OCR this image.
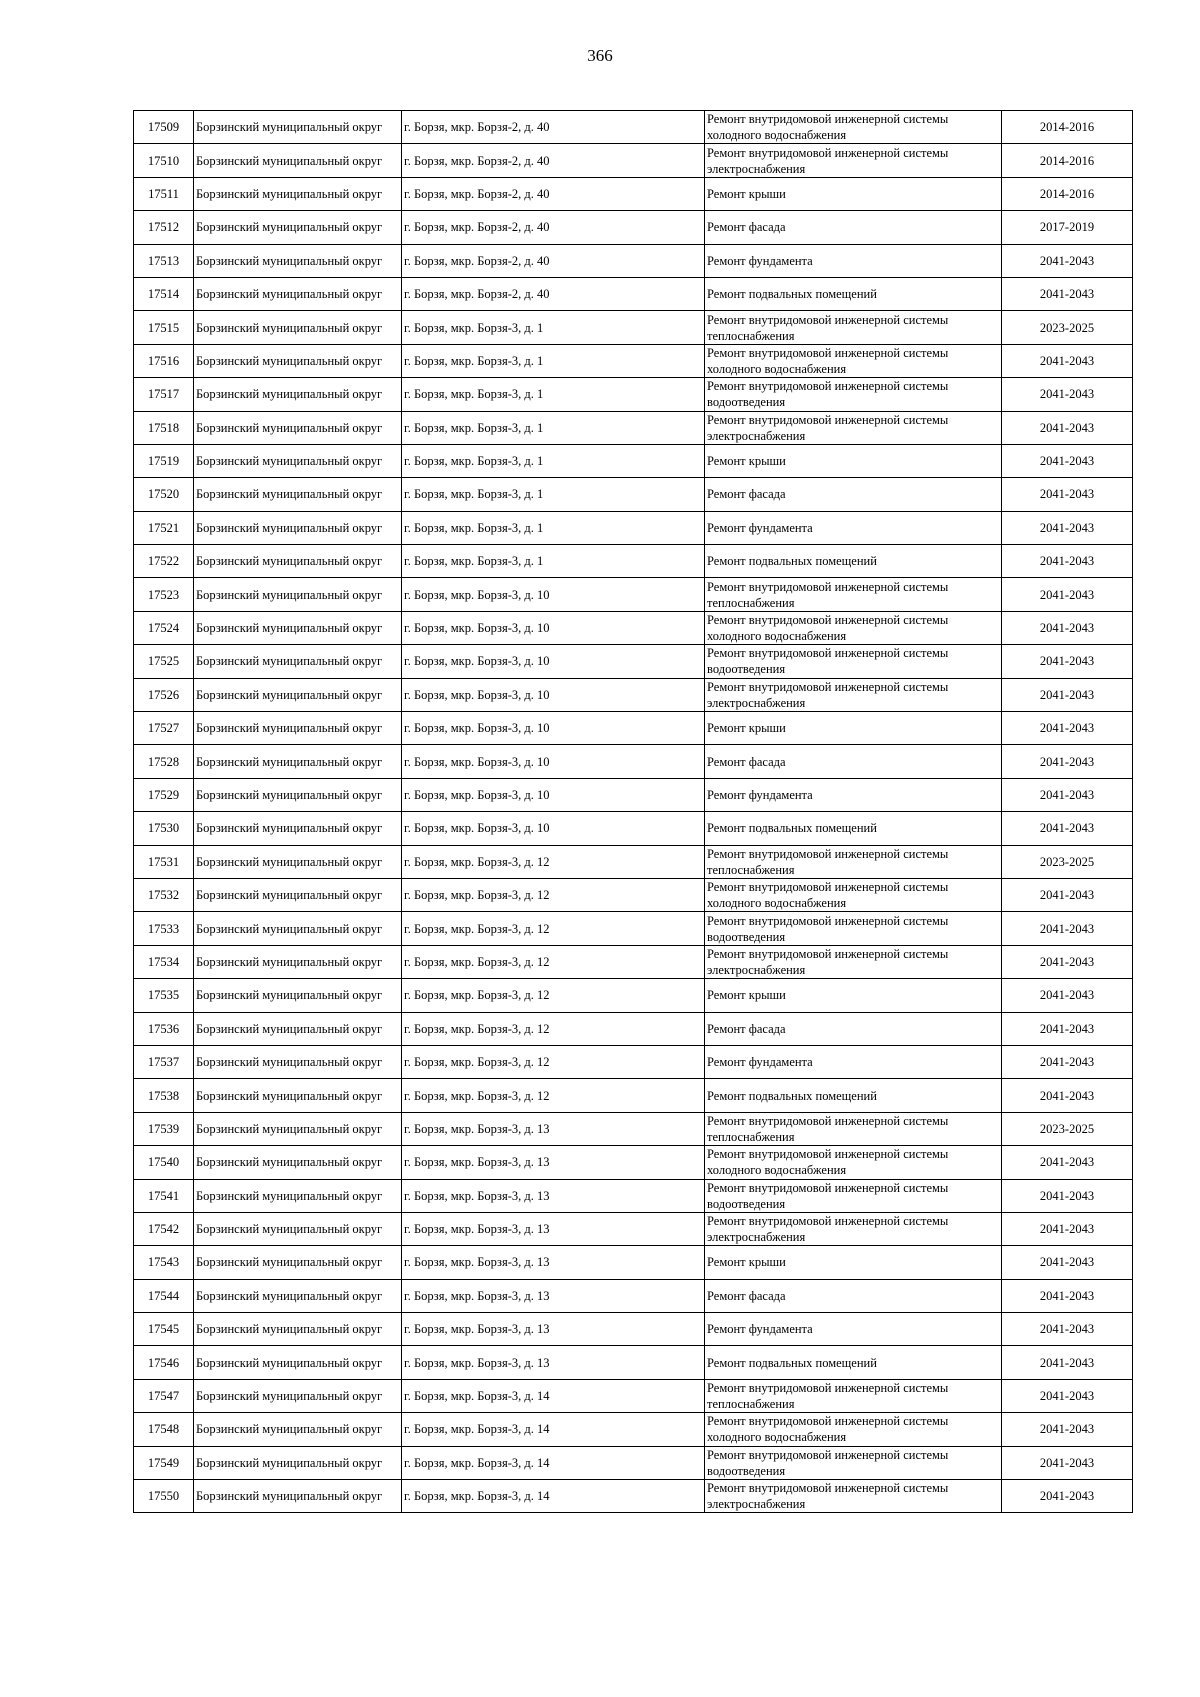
366
17509	Борзинский муниципальный округ	г. Борзя, мкр. Борзя-2, д. 40	Ремонт внутридомовой инженерной системы холодного водоснабжения	2014-2016
17510	Борзинский муниципальный округ	г. Борзя, мкр. Борзя-2, д. 40	Ремонт внутридомовой инженерной системы электроснабжения	2014-2016
17511	Борзинский муниципальный округ	г. Борзя, мкр. Борзя-2, д. 40	Ремонт крыши	2014-2016
17512	Борзинский муниципальный округ	г. Борзя, мкр. Борзя-2, д. 40	Ремонт фасада	2017-2019
17513	Борзинский муниципальный округ	г. Борзя, мкр. Борзя-2, д. 40	Ремонт фундамента	2041-2043
17514	Борзинский муниципальный округ	г. Борзя, мкр. Борзя-2, д. 40	Ремонт подвальных помещений	2041-2043
17515	Борзинский муниципальный округ	г. Борзя, мкр. Борзя-3, д. 1	Ремонт внутридомовой инженерной системы теплоснабжения	2023-2025
17516	Борзинский муниципальный округ	г. Борзя, мкр. Борзя-3, д. 1	Ремонт внутридомовой инженерной системы холодного водоснабжения	2041-2043
17517	Борзинский муниципальный округ	г. Борзя, мкр. Борзя-3, д. 1	Ремонт внутридомовой инженерной системы водоотведения	2041-2043
17518	Борзинский муниципальный округ	г. Борзя, мкр. Борзя-3, д. 1	Ремонт внутридомовой инженерной системы электроснабжения	2041-2043
17519	Борзинский муниципальный округ	г. Борзя, мкр. Борзя-3, д. 1	Ремонт крыши	2041-2043
17520	Борзинский муниципальный округ	г. Борзя, мкр. Борзя-3, д. 1	Ремонт фасада	2041-2043
17521	Борзинский муниципальный округ	г. Борзя, мкр. Борзя-3, д. 1	Ремонт фундамента	2041-2043
17522	Борзинский муниципальный округ	г. Борзя, мкр. Борзя-3, д. 1	Ремонт подвальных помещений	2041-2043
17523	Борзинский муниципальный округ	г. Борзя, мкр. Борзя-3, д. 10	Ремонт внутридомовой инженерной системы теплоснабжения	2041-2043
17524	Борзинский муниципальный округ	г. Борзя, мкр. Борзя-3, д. 10	Ремонт внутридомовой инженерной системы холодного водоснабжения	2041-2043
17525	Борзинский муниципальный округ	г. Борзя, мкр. Борзя-3, д. 10	Ремонт внутридомовой инженерной системы водоотведения	2041-2043
17526	Борзинский муниципальный округ	г. Борзя, мкр. Борзя-3, д. 10	Ремонт внутридомовой инженерной системы электроснабжения	2041-2043
17527	Борзинский муниципальный округ	г. Борзя, мкр. Борзя-3, д. 10	Ремонт крыши	2041-2043
17528	Борзинский муниципальный округ	г. Борзя, мкр. Борзя-3, д. 10	Ремонт фасада	2041-2043
17529	Борзинский муниципальный округ	г. Борзя, мкр. Борзя-3, д. 10	Ремонт фундамента	2041-2043
17530	Борзинский муниципальный округ	г. Борзя, мкр. Борзя-3, д. 10	Ремонт подвальных помещений	2041-2043
17531	Борзинский муниципальный округ	г. Борзя, мкр. Борзя-3, д. 12	Ремонт внутридомовой инженерной системы теплоснабжения	2023-2025
17532	Борзинский муниципальный округ	г. Борзя, мкр. Борзя-3, д. 12	Ремонт внутридомовой инженерной системы холодного водоснабжения	2041-2043
17533	Борзинский муниципальный округ	г. Борзя, мкр. Борзя-3, д. 12	Ремонт внутридомовой инженерной системы водоотведения	2041-2043
17534	Борзинский муниципальный округ	г. Борзя, мкр. Борзя-3, д. 12	Ремонт внутридомовой инженерной системы электроснабжения	2041-2043
17535	Борзинский муниципальный округ	г. Борзя, мкр. Борзя-3, д. 12	Ремонт крыши	2041-2043
17536	Борзинский муниципальный округ	г. Борзя, мкр. Борзя-3, д. 12	Ремонт фасада	2041-2043
17537	Борзинский муниципальный округ	г. Борзя, мкр. Борзя-3, д. 12	Ремонт фундамента	2041-2043
17538	Борзинский муниципальный округ	г. Борзя, мкр. Борзя-3, д. 12	Ремонт подвальных помещений	2041-2043
17539	Борзинский муниципальный округ	г. Борзя, мкр. Борзя-3, д. 13	Ремонт внутридомовой инженерной системы теплоснабжения	2023-2025
17540	Борзинский муниципальный округ	г. Борзя, мкр. Борзя-3, д. 13	Ремонт внутридомовой инженерной системы холодного водоснабжения	2041-2043
17541	Борзинский муниципальный округ	г. Борзя, мкр. Борзя-3, д. 13	Ремонт внутридомовой инженерной системы водоотведения	2041-2043
17542	Борзинский муниципальный округ	г. Борзя, мкр. Борзя-3, д. 13	Ремонт внутридомовой инженерной системы электроснабжения	2041-2043
17543	Борзинский муниципальный округ	г. Борзя, мкр. Борзя-3, д. 13	Ремонт крыши	2041-2043
17544	Борзинский муниципальный округ	г. Борзя, мкр. Борзя-3, д. 13	Ремонт фасада	2041-2043
17545	Борзинский муниципальный округ	г. Борзя, мкр. Борзя-3, д. 13	Ремонт фундамента	2041-2043
17546	Борзинский муниципальный округ	г. Борзя, мкр. Борзя-3, д. 13	Ремонт подвальных помещений	2041-2043
17547	Борзинский муниципальный округ	г. Борзя, мкр. Борзя-3, д. 14	Ремонт внутридомовой инженерной системы теплоснабжения	2041-2043
17548	Борзинский муниципальный округ	г. Борзя, мкр. Борзя-3, д. 14	Ремонт внутридомовой инженерной системы холодного водоснабжения	2041-2043
17549	Борзинский муниципальный округ	г. Борзя, мкр. Борзя-3, д. 14	Ремонт внутридомовой инженерной системы водоотведения	2041-2043
17550	Борзинский муниципальный округ	г. Борзя, мкр. Борзя-3, д. 14	Ремонт внутридомовой инженерной системы электроснабжения	2041-2043
